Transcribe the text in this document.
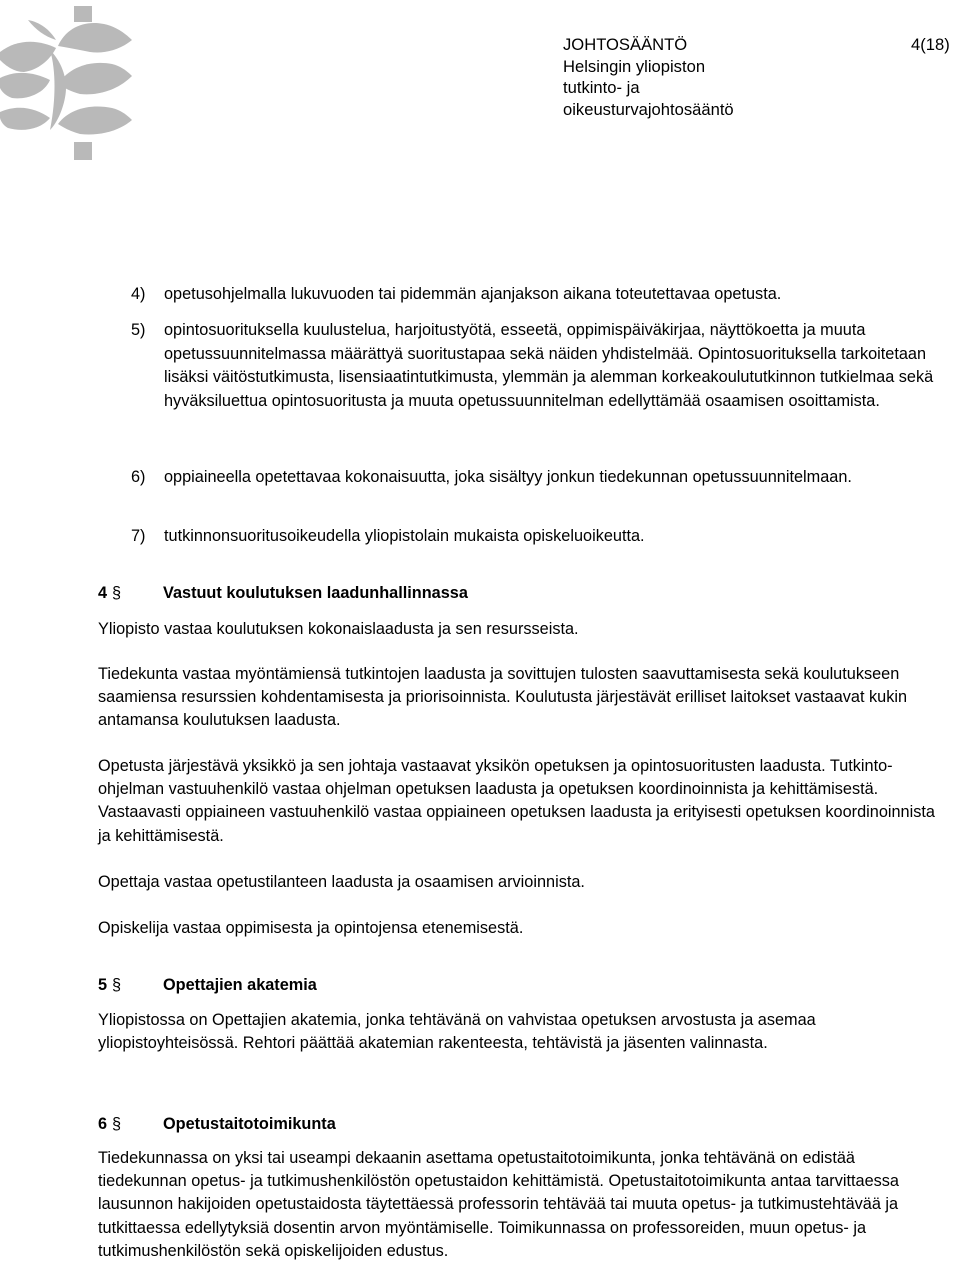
JOHTOSÄÄNTÖ
Helsingin yliopiston
tutkinto- ja
oikeusturvajohtosääntö
4(18)
4) opetusohjelmalla lukuvuoden tai pidemmän ajanjakson aikana toteutettavaa opetusta.
5) opintosuorituksella kuulustelua, harjoitustyötä, esseetä, oppimispäiväkirjaa, näyttökoetta ja muuta opetussuunnitelmassa määrättyä suoritustapaa sekä näiden yhdistelmää. Opintosuorituksella tarkoitetaan lisäksi väitöstutkimusta, lisensiaatintutkimusta, ylemmän ja alemman korkeakoulututkinnon tutkielmaa sekä hyväksiluettua opintosuoritusta ja muuta opetussuunnitelman edellyttämää osaamisen osoittamista.
6) oppiaineella opetettavaa kokonaisuutta, joka sisältyy jonkun tiedekunnan opetussuunnitelmaan.
7) tutkinnonsuoritusoikeudella yliopistolain mukaista opiskeluoikeutta.
4 §	Vastuut koulutuksen laadunhallinnassa
Yliopisto vastaa koulutuksen kokonaislaadusta ja sen resursseista.
Tiedekunta vastaa myöntämiensä tutkintojen laadusta ja sovittujen tulosten saavuttamisesta sekä koulutukseen saamiensa resurssien kohdentamisesta ja priorisoinnista. Koulutusta järjestävät erilliset laitokset vastaavat kukin antamansa koulutuksen laadusta.
Opetusta järjestävä yksikkö ja sen johtaja vastaavat yksikön opetuksen ja opintosuoritusten laadusta. Tutkinto-ohjelman vastuuhenkilö vastaa ohjelman opetuksen laadusta ja opetuksen koordinoinnista ja kehittämisestä. Vastaavasti oppiaineen vastuuhenkilö vastaa oppiaineen opetuksen laadusta ja erityisesti opetuksen koordinoinnista ja kehittämisestä.
Opettaja vastaa opetustilanteen laadusta ja osaamisen arvioinnista.
Opiskelija vastaa oppimisesta ja opintojensa etenemisestä.
5 §	Opettajien akatemia
Yliopistossa on Opettajien akatemia, jonka tehtävänä on vahvistaa opetuksen arvostusta ja asemaa yliopistoyhteisössä. Rehtori päättää akatemian rakenteesta, tehtävistä ja jäsenten valinnasta.
6 §	Opetustaitotoimikunta
Tiedekunnassa on yksi tai useampi dekaanin asettama opetustaitotoimikunta, jonka tehtävänä on edistää tiedekunnan opetus- ja tutkimushenkilöstön opetustaidon kehittämistä. Opetustaitotoimikunta antaa tarvittaessa lausunnon hakijoiden opetustaidosta täytettäessä professorin tehtävää tai muuta opetus- ja tutkimustehtävää ja tutkittaessa edellytyksiä dosentin arvon myöntämiselle. Toimikunnassa on professoreiden, muun opetus- ja tutkimushenkilöstön sekä opiskelijoiden edustus.
